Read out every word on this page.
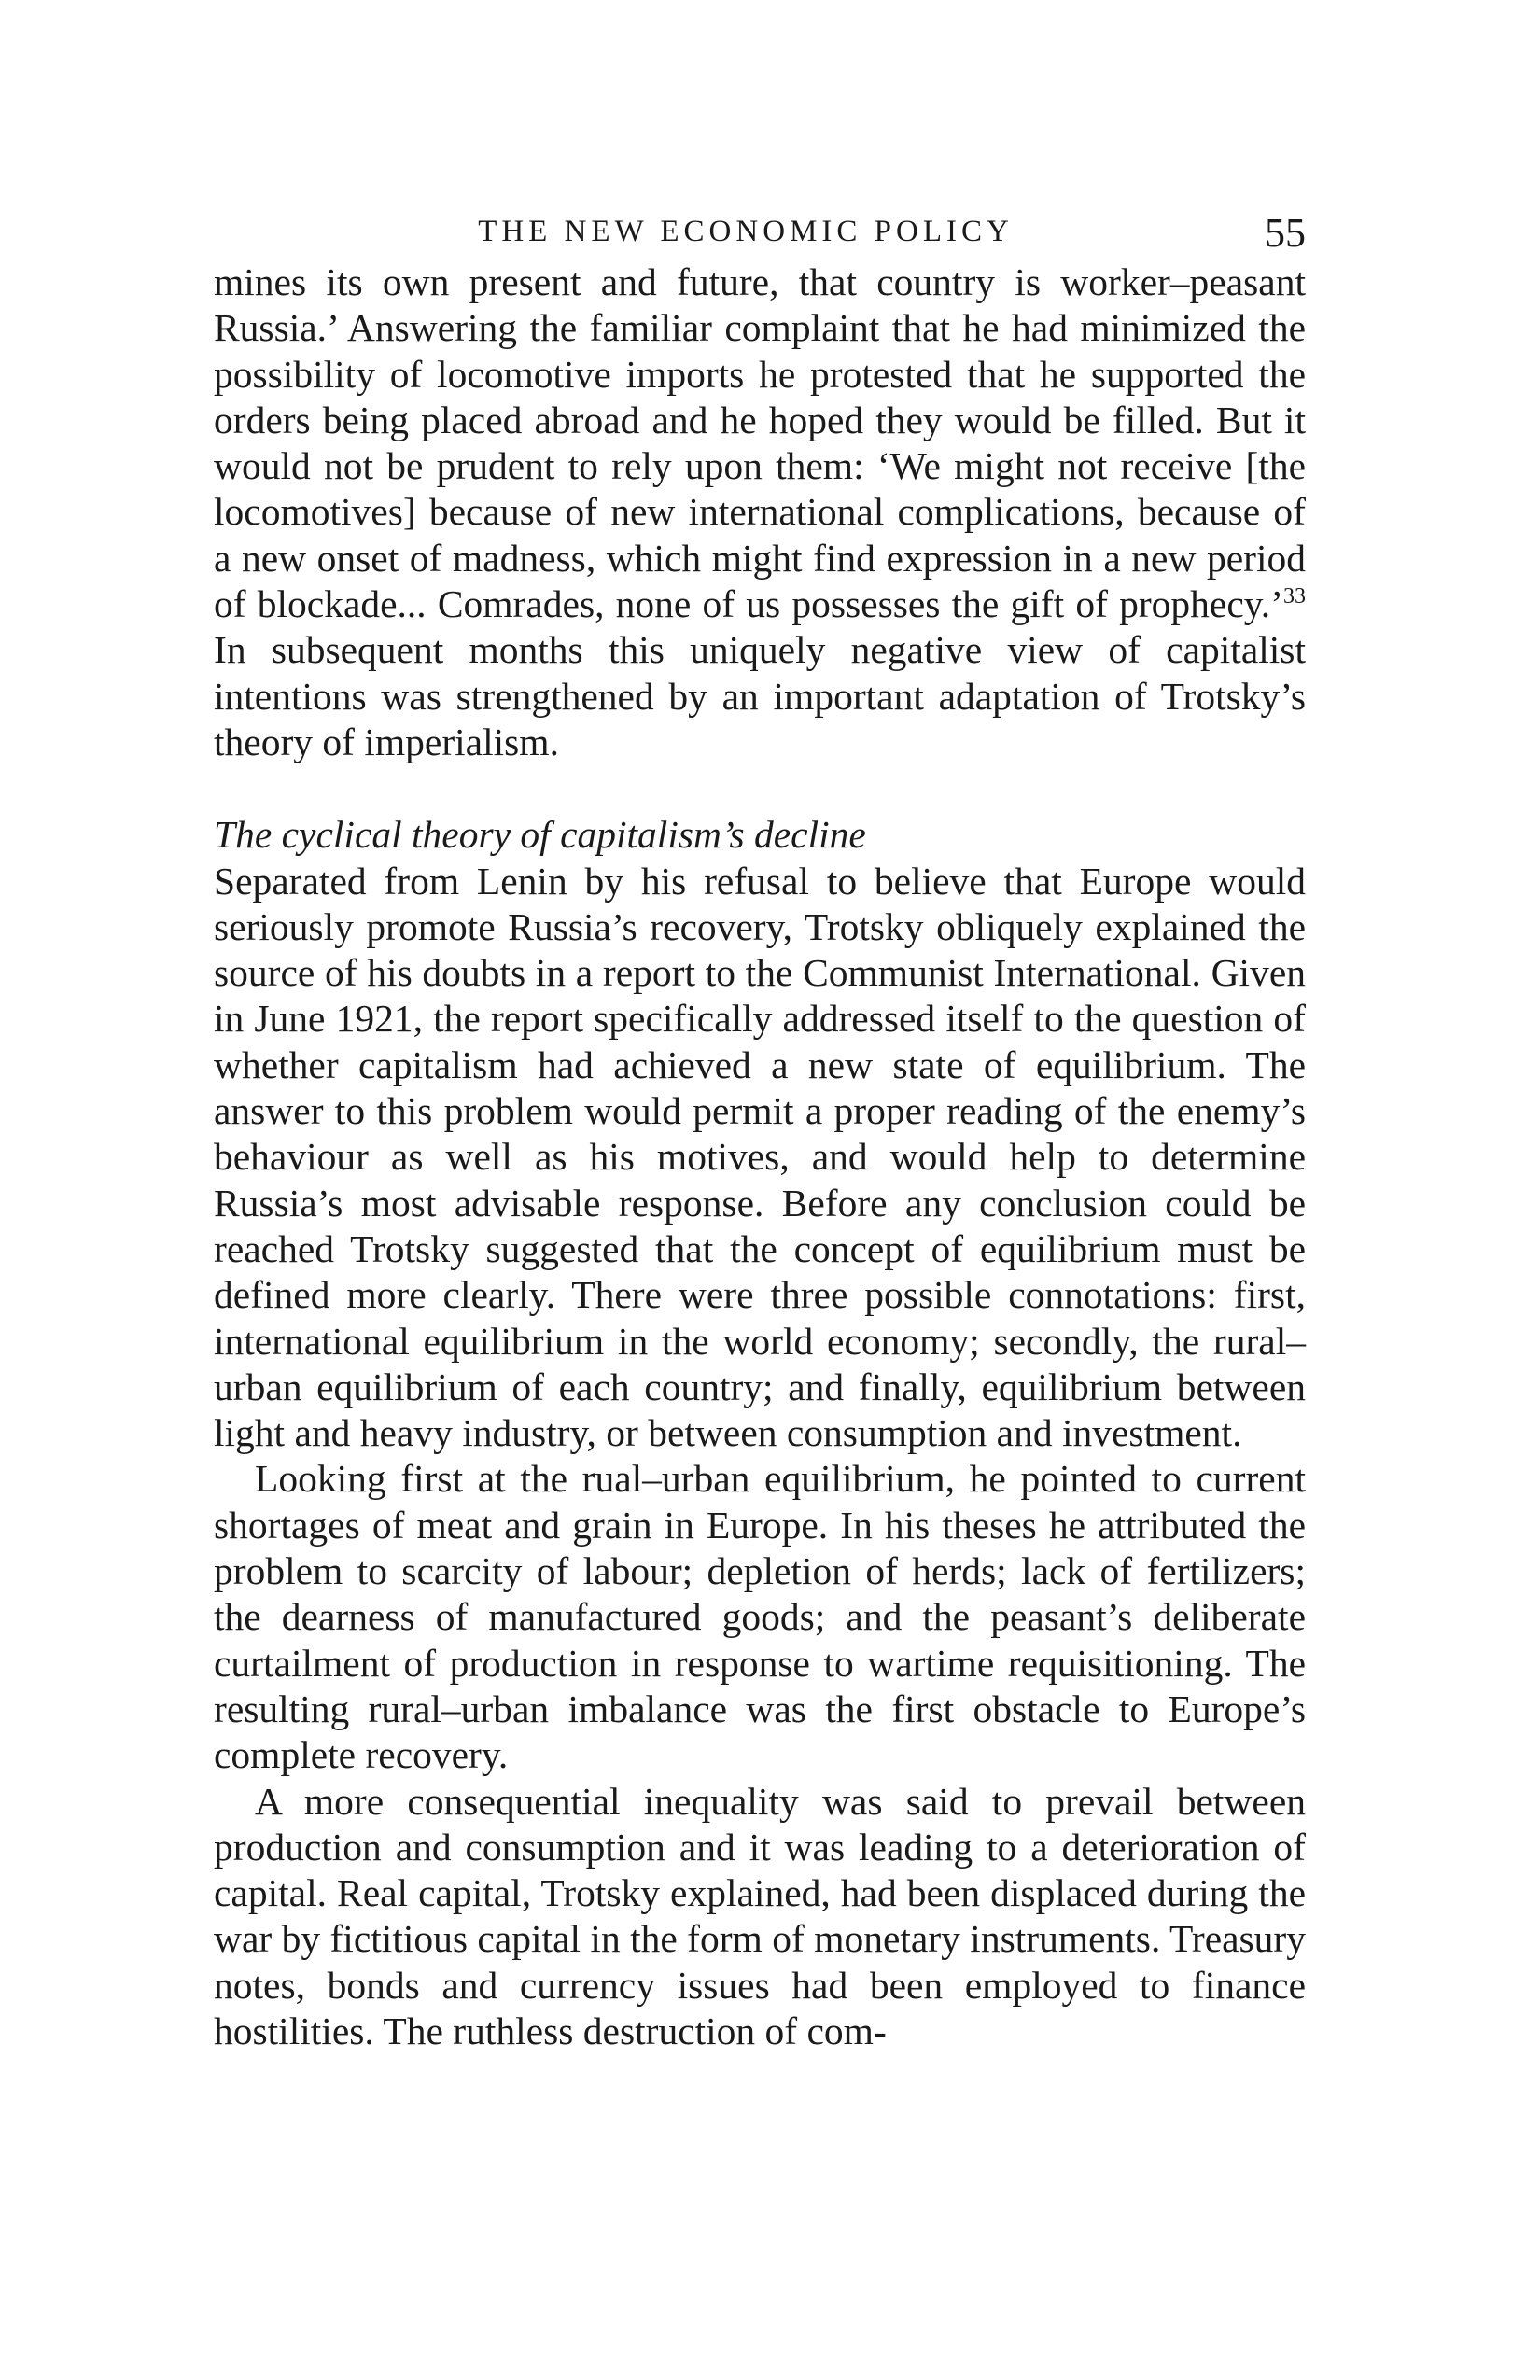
THE NEW ECONOMIC POLICY	55

mines its own present and future, that country is worker–peasant Russia.’ Answering the familiar complaint that he had minimized the possibility of locomotive imports he protested that he supported the orders being placed abroad and he hoped they would be filled. But it would not be prudent to rely upon them: ‘We might not receive [the locomotives] because of new international complications, because of a new onset of madness, which might find expression in a new period of blockade... Comrades, none of us possesses the gift of prophecy.’$^{33}$ In subsequent months this uniquely negative view of capitalist intentions was strengthened by an important adaptation of Trotsky’s theory of imperialism.

The cyclical theory of capitalism’s decline

Separated from Lenin by his refusal to believe that Europe would seriously promote Russia’s recovery, Trotsky obliquely explained the source of his doubts in a report to the Communist International. Given in June 1921, the report specifically addressed itself to the question of whether capitalism had achieved a new state of equilibrium. The answer to this problem would permit a proper reading of the enemy’s behaviour as well as his motives, and would help to determine Russia’s most advisable response. Before any conclusion could be reached Trotsky suggested that the concept of equilibrium must be defined more clearly. There were three possible connotations: first, international equilibrium in the world economy; secondly, the rural–urban equilibrium of each country; and finally, equilibrium between light and heavy industry, or between consumption and investment.

Looking first at the rual–urban equilibrium, he pointed to current shortages of meat and grain in Europe. In his theses he attributed the problem to scarcity of labour; depletion of herds; lack of fertilizers; the dearness of manufactured goods; and the peasant’s deliberate curtailment of production in response to wartime requisitioning. The resulting rural–urban imbalance was the first obstacle to Europe’s complete recovery.

A more consequential inequality was said to prevail between production and consumption and it was leading to a deterioration of capital. Real capital, Trotsky explained, had been displaced during the war by fictitious capital in the form of monetary instruments. Treasury notes, bonds and currency issues had been employed to finance hostilities. The ruthless destruction of com-
